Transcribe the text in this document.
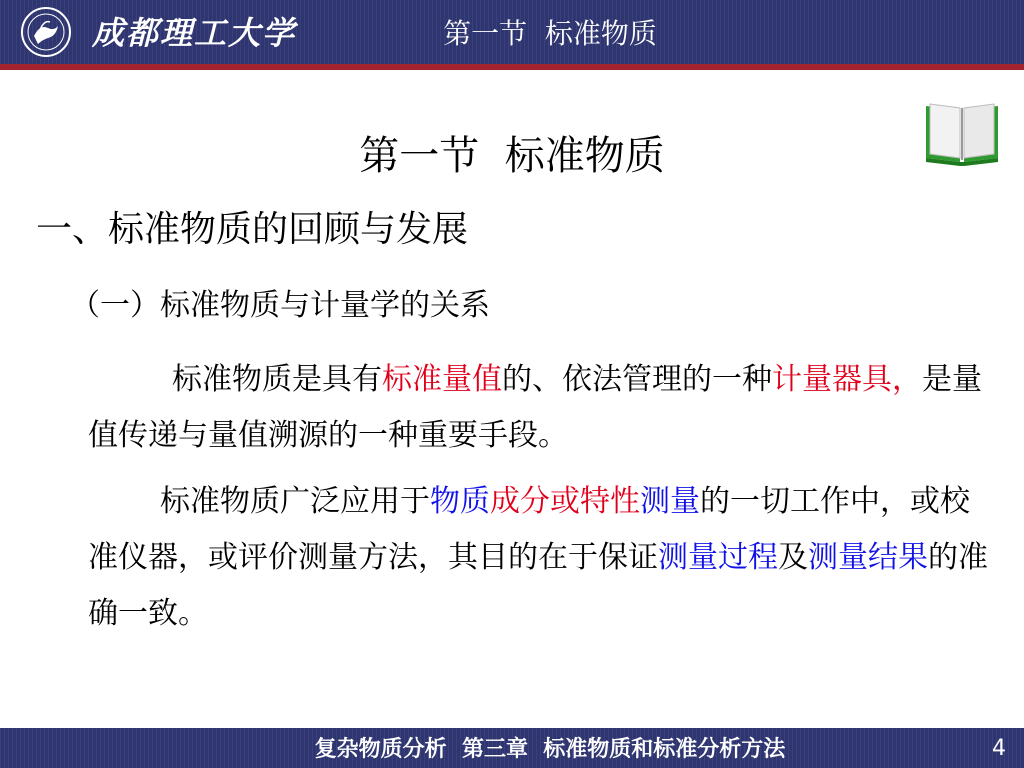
成都理工大学	第一节  标准物质
第一节  标准物质
一、标准物质的回顾与发展
（一）标准物质与计量学的关系
标准物质是具有标准量值的、依法管理的一种计量器具，是量值传递与量值溯源的一种重要手段。
标准物质广泛应用于物质成分或特性测量的一切工作中，或校准仪器，或评价测量方法，其目的在于保证测量过程及测量结果的准确一致。
复杂物质分析  第三章  标准物质和标准分析方法	4
